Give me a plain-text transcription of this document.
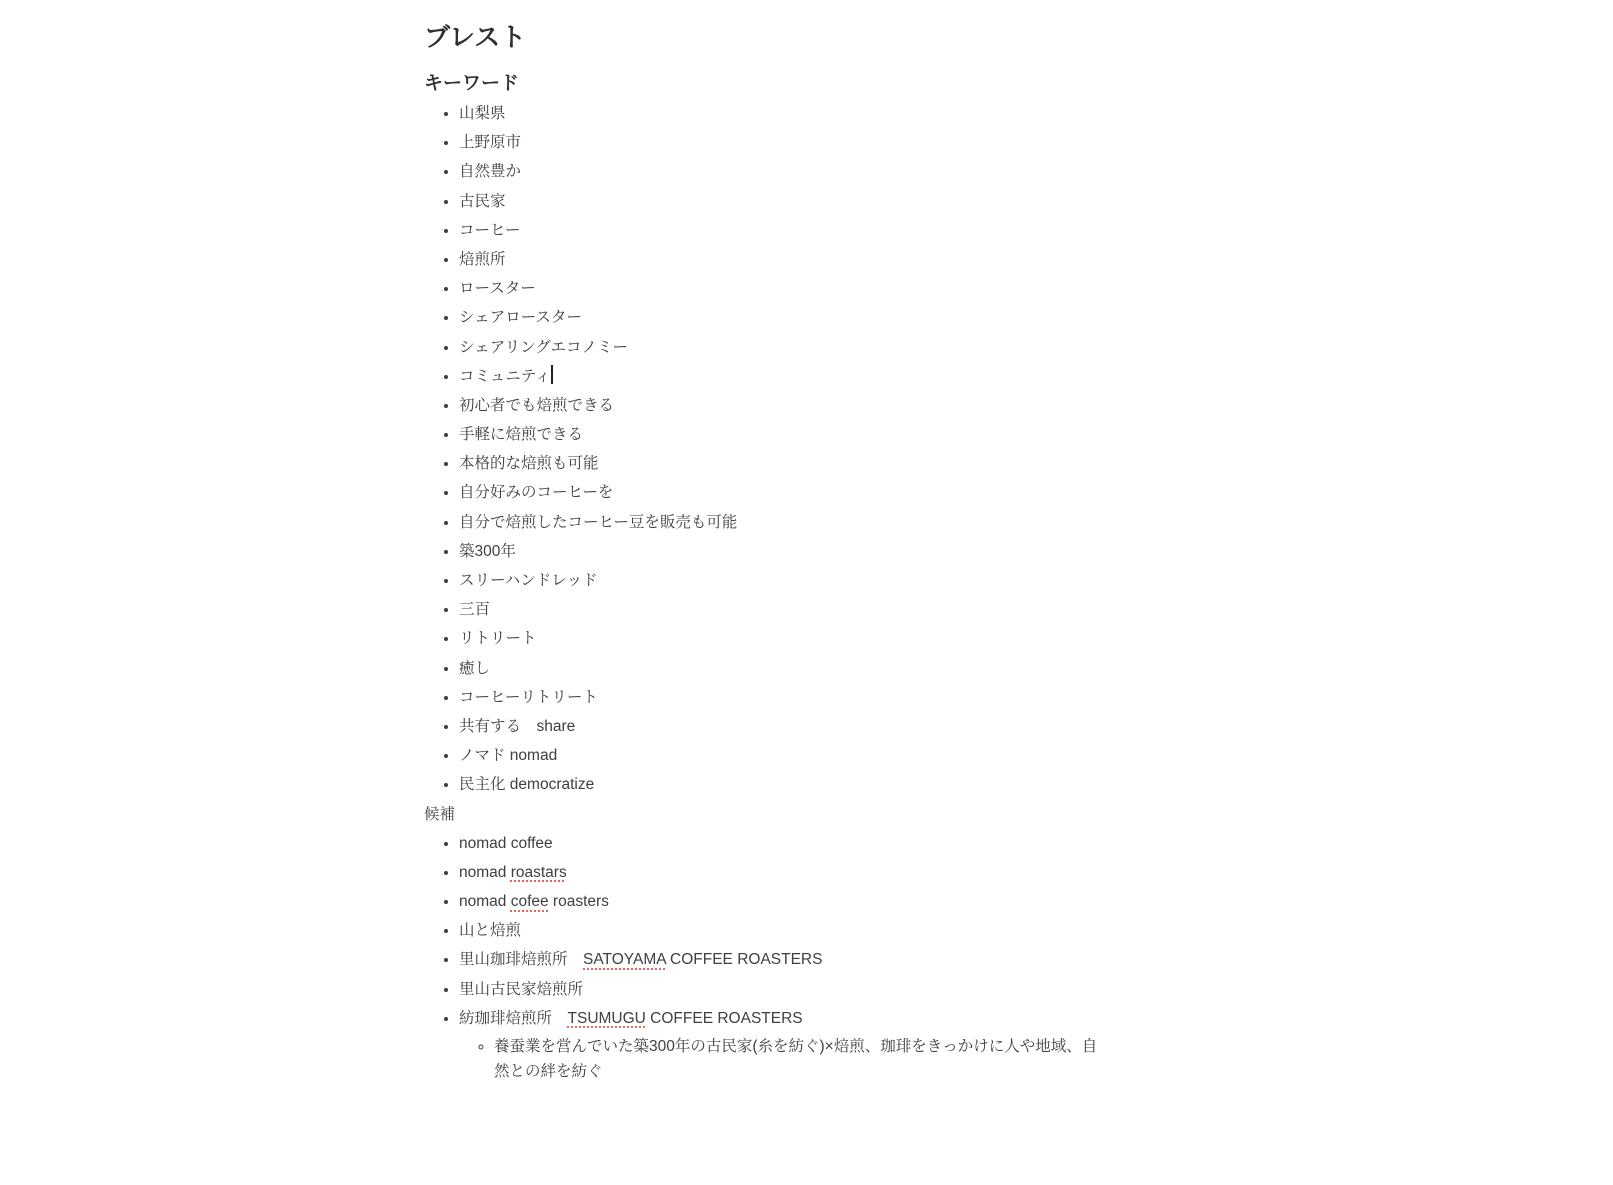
ブレスト
キーワード
• 山梨県
• 上野原市
• 自然豊か
• 古民家
• コーヒー
• 焙煎所
• ロースター
• シェアロースター
• シェアリングエコノミー
• コミュニティ
• 初心者でも焙煎できる
• 手軽に焙煎できる
• 本格的な焙煎も可能
• 自分好みのコーヒーを
• 自分で焙煎したコーヒー豆を販売も可能
• 築300年
• スリーハンドレッド
• 三百
• リトリート
• 癒し
• コーヒーリトリート
• 共有する　share
• ノマド nomad
• 民主化 democratize

候補

• nomad coffee
• nomad roastars
• nomad cofee roasters
• 山と焙煎
• 里山珈琲焙煎所　SATOYAMA COFFEE ROASTERS
• 里山古民家焙煎所
• 紡珈琲焙煎所　TSUMUGU COFFEE ROASTERS
◦ 養蚕業を営んでいた築300年の古民家(糸を紡ぐ)×焙煎、珈琲をきっかけに人や地域、自然との絆を紡ぐ
